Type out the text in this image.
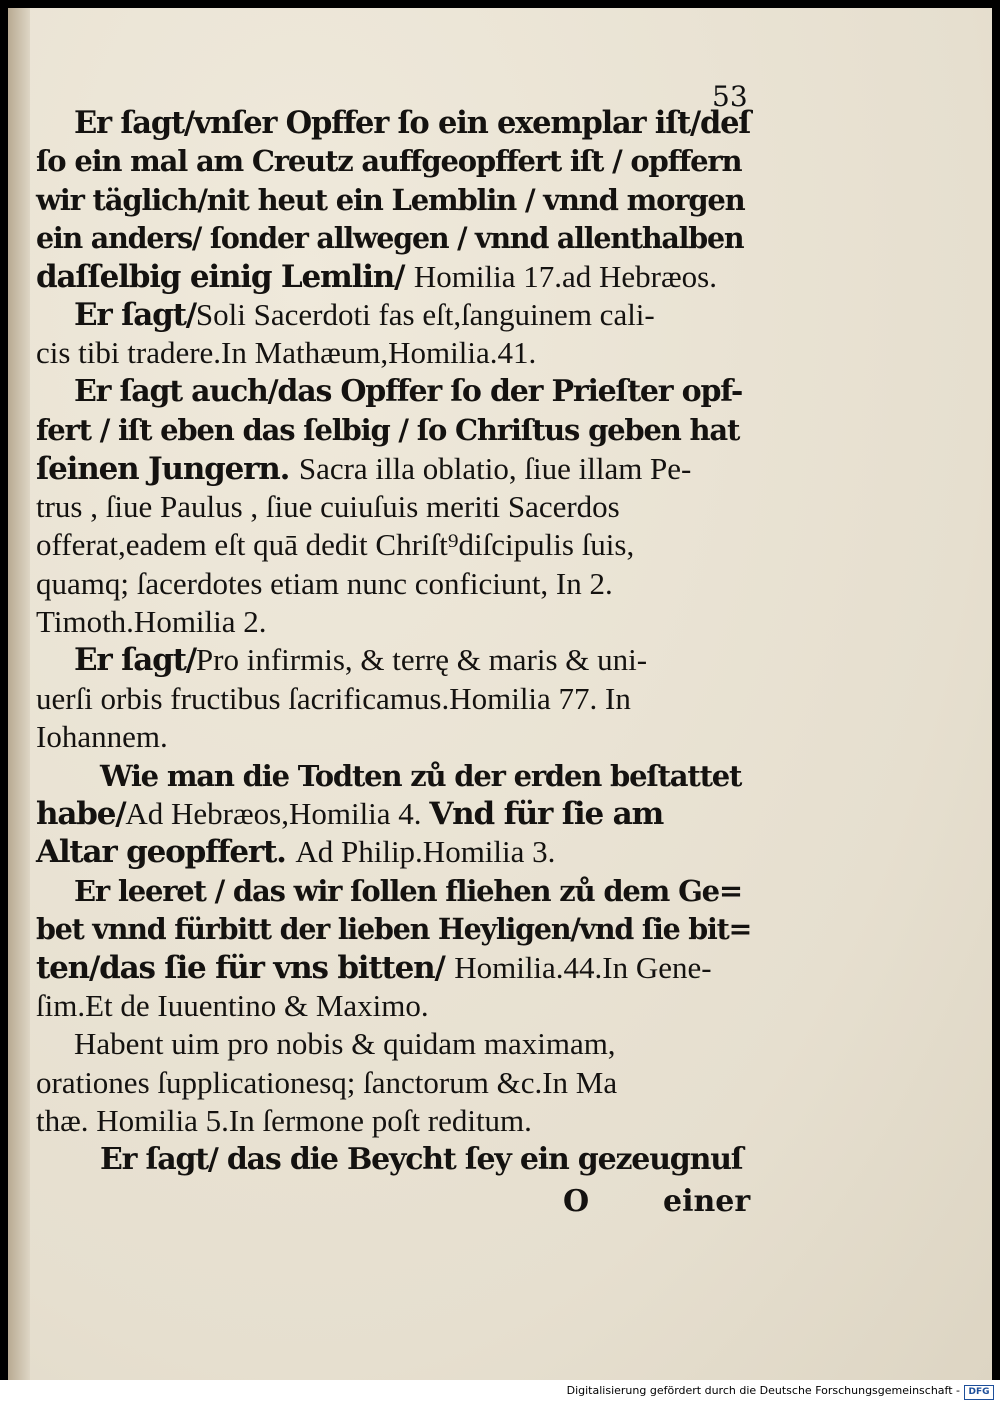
53
Er ſagt/vnſer Opffer ſo ein exemplar iſt/deſ
ſo ein mal am Creutz auffgeopffert iſt / opffern
wir täglich/nit heut ein Lemblin / vnnd morgen
ein anders/ ſonder allwegen / vnnd allenthalben
daſſelbig einig Lemlin/ Homilia 17.ad Hebræos.
Er ſagt/Soli Sacerdoti fas eſt,ſanguinem cali-
cis tibi tradere.In Mathæum,Homilia.41.
Er ſagt auch/das Opffer ſo der Prieſter opf-
fert / iſt eben das ſelbig / ſo Chriſtus geben hat
ſeinen Jungern. Sacra illa oblatio, ſiue illam Pe-
trus , ſiue Paulus , ſiue cuiuſuis meriti Sacerdos
offerat,eadem eſt quā dedit Chriſt⁹diſcipulis ſuis,
quamq; ſacerdotes etiam nunc conficiunt, In 2.
Timoth.Homilia 2.
Er ſagt/Pro infirmis, & terrę & maris & uni-
uerſi orbis fructibus ſacrificamus.Homilia 77. In
Iohannem.
Wie man die Todten zů der erden beſtattet
habe/Ad Hebræos,Homilia 4. Vnd für ſie am
Altar geopffert. Ad Philip.Homilia 3.
Er leeret / das wir ſollen fliehen zů dem Ge=
bet vnnd fürbitt der lieben Heyligen/vnd ſie bit=
ten/das ſie für vns bitten/ Homilia.44.In Gene-
ſim.Et de Iuuentino & Maximo.
Habent uim pro nobis & quidam maximam,
orationes ſupplicationesq; ſanctorum &c.In Ma
thæ. Homilia 5.In ſermone poſt reditum.
Er ſagt/ das die Beycht ſey ein gezeugnuſ
O einer
Digitalisierung gefördert durch die Deutsche Forschungsgemeinschaft - DFG
